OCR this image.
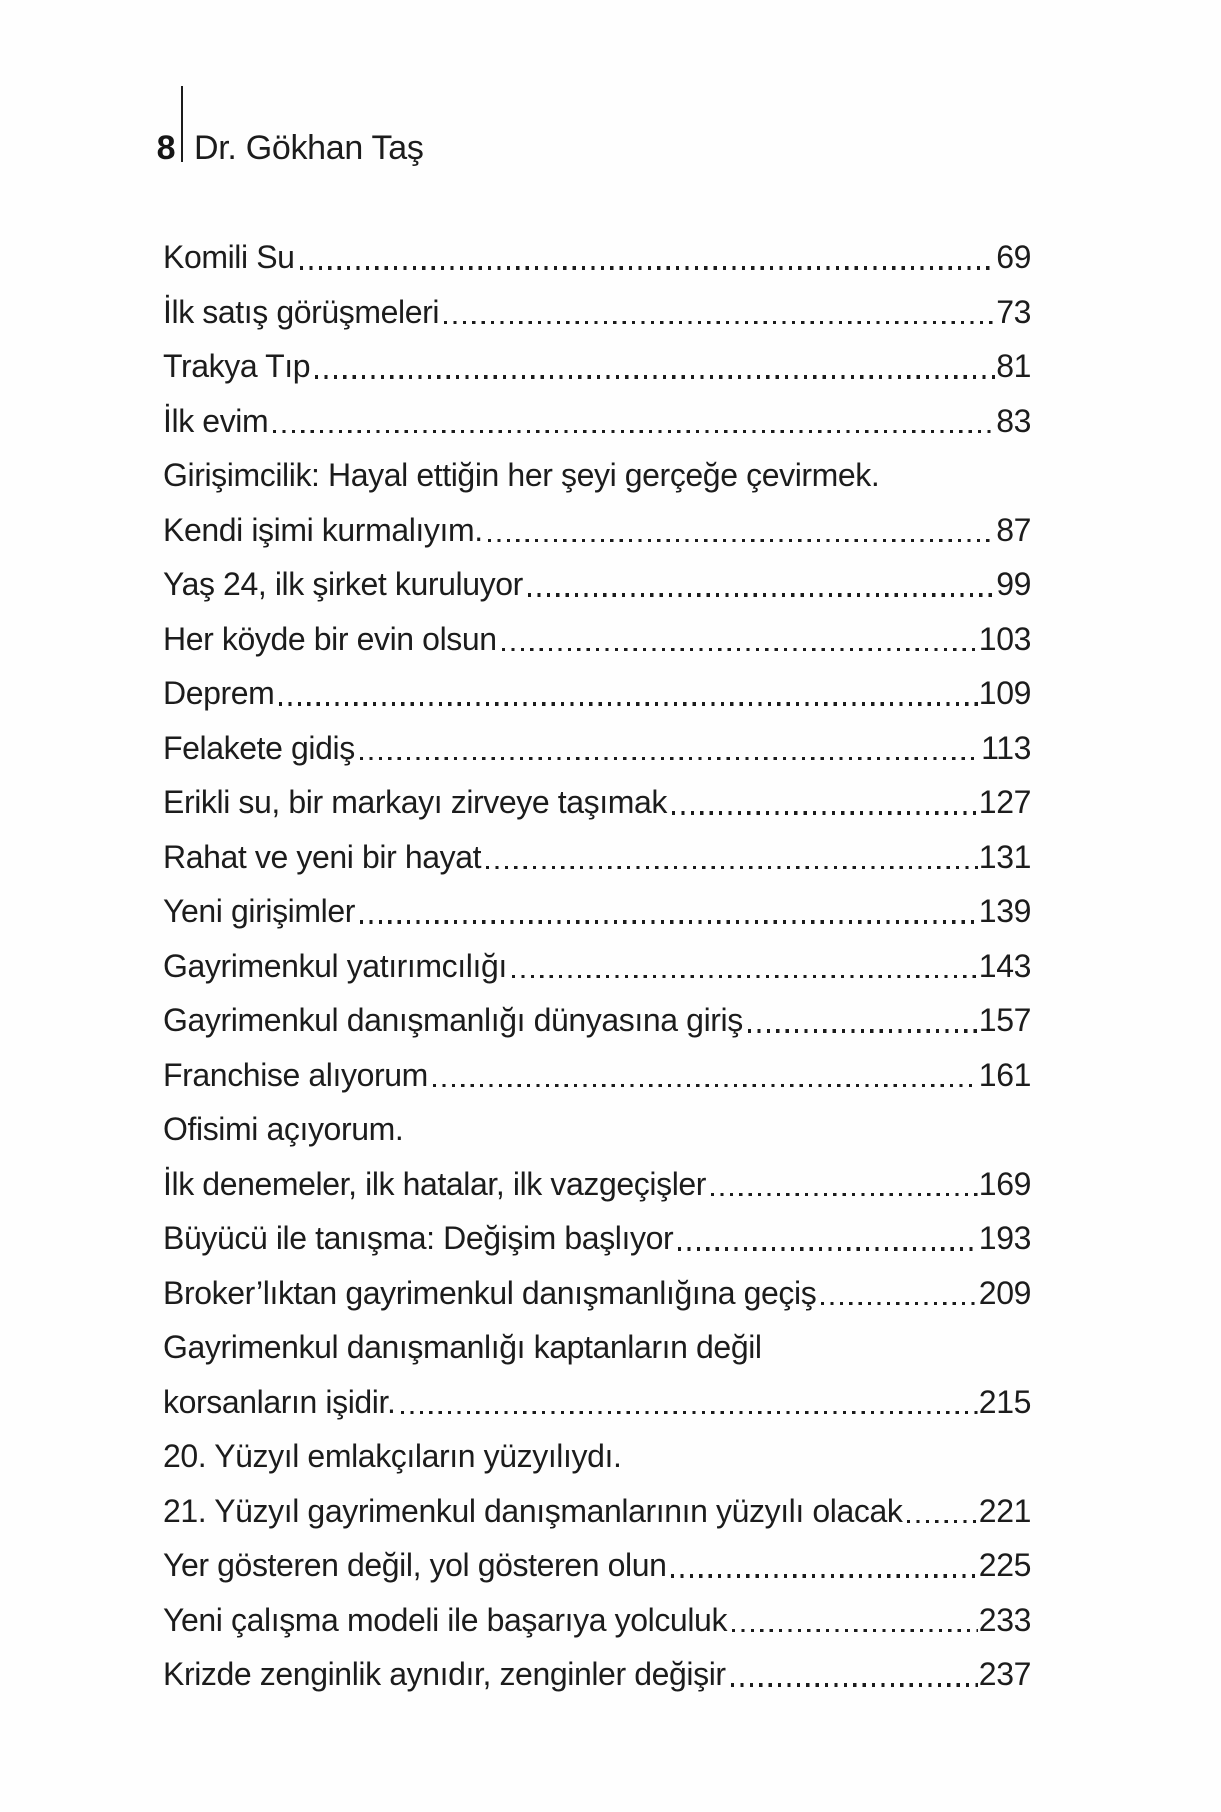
8 Dr. Gökhan Taş
Komili Su	69
İlk satış görüşmeleri	73
Trakya Tıp	81
İlk evim	83
Girişimcilik: Hayal ettiğin her şeyi gerçeğe çevirmek.
Kendi işimi kurmalıyım.	87
Yaş 24, ilk şirket kuruluyor	99
Her köyde bir evin olsun	103
Deprem	109
Felakete gidiş	113
Erikli su, bir markayı zirveye taşımak	127
Rahat ve yeni bir hayat	131
Yeni girişimler	139
Gayrimenkul yatırımcılığı	143
Gayrimenkul danışmanlığı dünyasına giriş	157
Franchise alıyorum	161
Ofisimi açıyorum.
İlk denemeler, ilk hatalar, ilk vazgeçişler	169
Büyücü ile tanışma: Değişim başlıyor	193
Broker’lıktan gayrimenkul danışmanlığına geçiş	209
Gayrimenkul danışmanlığı kaptanların değil
korsanların işidir.	215
20. Yüzyıl emlakçıların yüzyılıydı.
21. Yüzyıl gayrimenkul danışmanlarının yüzyılı olacak 221
Yer gösteren değil, yol gösteren olun	225
Yeni çalışma modeli ile başarıya yolculuk	233
Krizde zenginlik aynıdır, zenginler değişir	237
